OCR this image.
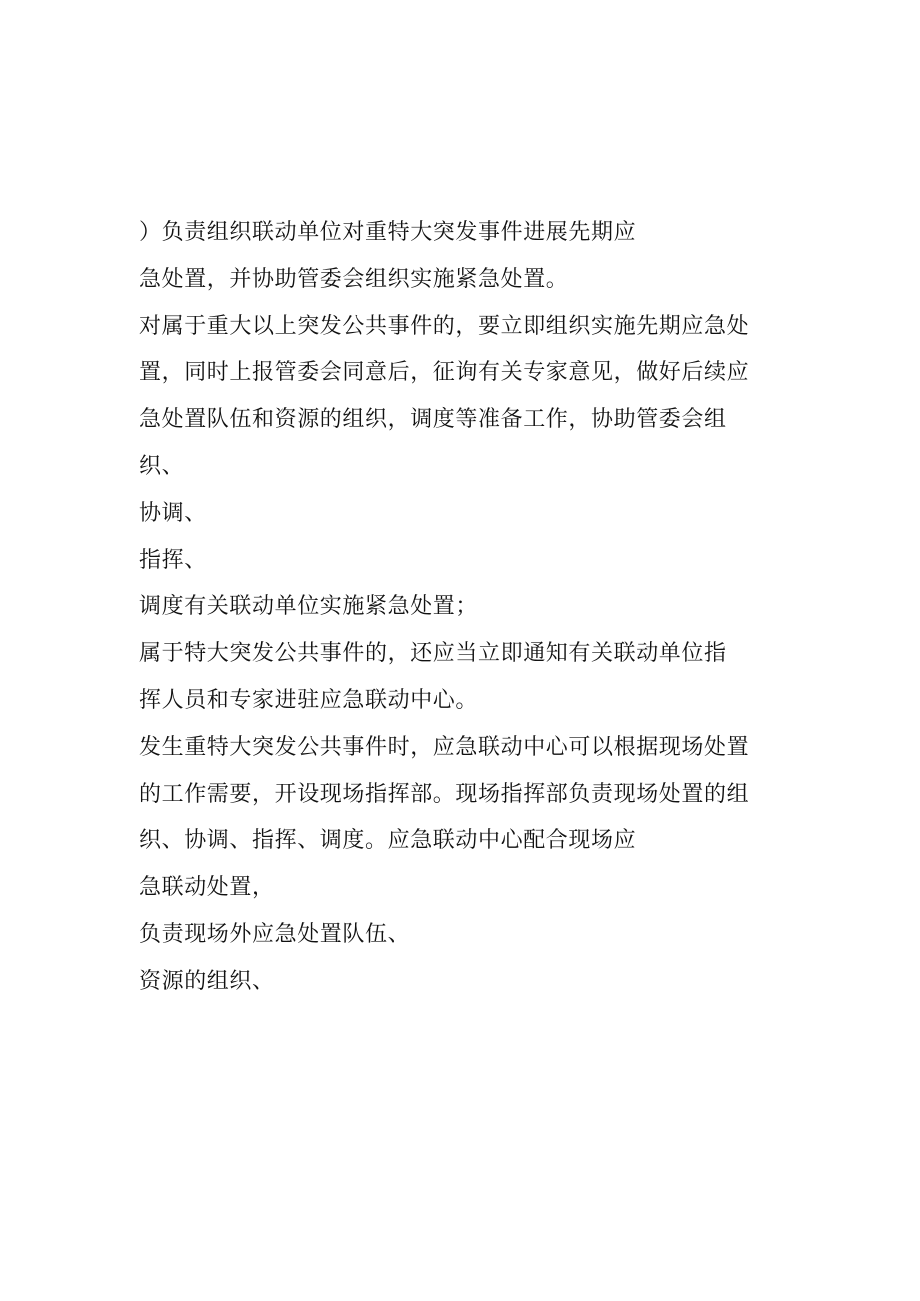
）负责组织联动单位对重特大突发事件进展先期应
急处置，并协助管委会组织实施紧急处置。
对属于重大以上突发公共事件的，要立即组织实施先期应急处
置，同时上报管委会同意后，征询有关专家意见，做好后续应
急处置队伍和资源的组织，调度等准备工作，协助管委会组
织、
协调、
指挥、
调度有关联动单位实施紧急处置；
属于特大突发公共事件的，还应当立即通知有关联动单位指
挥人员和专家进驻应急联动中心。
发生重特大突发公共事件时，应急联动中心可以根据现场处置
的工作需要，开设现场指挥部。现场指挥部负责现场处置的组
织、协调、指挥、调度。应急联动中心配合现场应
急联动处置，
负责现场外应急处置队伍、
资源的组织、
